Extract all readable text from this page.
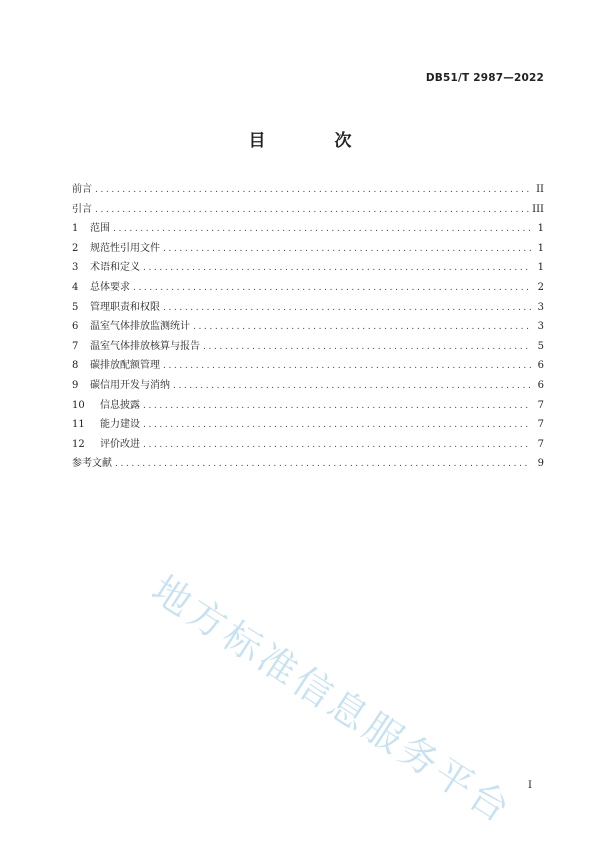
DB51/T 2987—2022
目　次
前言 .....	II
引言 .....	III
1	范围 .....	1
2	规范性引用文件 .....	1
3	术语和定义 .....	1
4	总体要求 .....	2
5	管理职责和权限 .....	3
6	温室气体排放监测统计 .....	3
7	温室气体排放核算与报告 .....	5
8	碳排放配额管理 .....	6
9	碳信用开发与消纳 .....	6
10	信息披露 .....	7
11	能力建设 .....	7
12	评价改进 .....	7
参考文献 .....	9
地方标准信息服务平台 I
